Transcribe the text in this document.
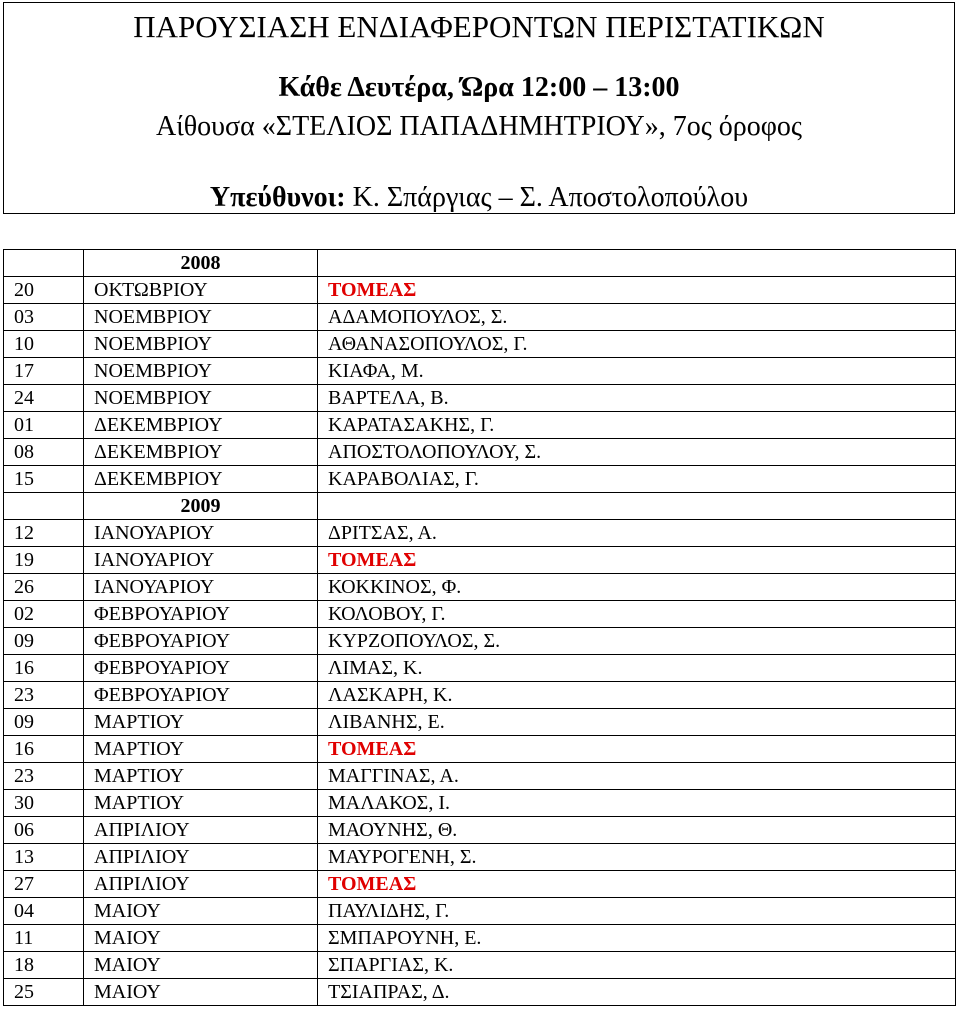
ΠΑΡΟΥΣΙΑΣΗ ΕΝΔΙΑΦΕΡΟΝΤΩΝ ΠΕΡΙΣΤΑΤΙΚΩΝ
Κάθε Δευτέρα, Ώρα 12:00 – 13:00
Αίθουσα «ΣΤΕΛΙΟΣ ΠΑΠΑΔΗΜΗΤΡΙΟΥ», 7ος όροφος
Υπεύθυνοι: Κ. Σπάργιας – Σ. Αποστολοπούλου
	2008	
20	ΟΚΤΩΒΡΙΟΥ	ΤΟΜΕΑΣ
03	ΝΟΕΜΒΡΙΟΥ	ΑΔΑΜΟΠΟΥΛΟΣ, Σ.
10	ΝΟΕΜΒΡΙΟΥ	ΑΘΑΝΑΣΟΠΟΥΛΟΣ, Γ.
17	ΝΟΕΜΒΡΙΟΥ	ΚΙΑΦΑ, Μ.
24	ΝΟΕΜΒΡΙΟΥ	ΒΑΡΤΕΛΑ, Β.
01	ΔΕΚΕΜΒΡΙΟΥ	ΚΑΡΑΤΑΣΑΚΗΣ, Γ.
08	ΔΕΚΕΜΒΡΙΟΥ	ΑΠΟΣΤΟΛΟΠΟΥΛΟΥ, Σ.
15	ΔΕΚΕΜΒΡΙΟΥ	ΚΑΡΑΒΟΛΙΑΣ, Γ.
	2009	
12	ΙΑΝΟΥΑΡΙΟΥ	ΔΡΙΤΣΑΣ, Α.
19	ΙΑΝΟΥΑΡΙΟΥ	ΤΟΜΕΑΣ
26	ΙΑΝΟΥΑΡΙΟΥ	ΚΟΚΚΙΝΟΣ, Φ.
02	ΦΕΒΡΟΥΑΡΙΟΥ	ΚΟΛΟΒΟΥ, Γ.
09	ΦΕΒΡΟΥΑΡΙΟΥ	ΚΥΡΖΟΠΟΥΛΟΣ, Σ.
16	ΦΕΒΡΟΥΑΡΙΟΥ	ΛΙΜΑΣ, Κ.
23	ΦΕΒΡΟΥΑΡΙΟΥ	ΛΑΣΚΑΡΗ, Κ.
09	ΜΑΡΤΙΟΥ	ΛΙΒΑΝΗΣ, Ε.
16	ΜΑΡΤΙΟΥ	ΤΟΜΕΑΣ
23	ΜΑΡΤΙΟΥ	ΜΑΓΓΙΝΑΣ, Α.
30	ΜΑΡΤΙΟΥ	ΜΑΛΑΚΟΣ, Ι.
06	ΑΠΡΙΛΙΟΥ	ΜΑΟΥΝΗΣ, Θ.
13	ΑΠΡΙΛΙΟΥ	ΜΑΥΡΟΓΕΝΗ, Σ.
27	ΑΠΡΙΛΙΟΥ	ΤΟΜΕΑΣ
04	ΜΑΙΟΥ	ΠΑΥΛΙΔΗΣ, Γ.
11	ΜΑΙΟΥ	ΣΜΠΑΡΟΥΝΗ, Ε.
18	ΜΑΙΟΥ	ΣΠΑΡΓΙΑΣ, Κ.
25	ΜΑΙΟΥ	ΤΣΙΑΠΡΑΣ, Δ.
